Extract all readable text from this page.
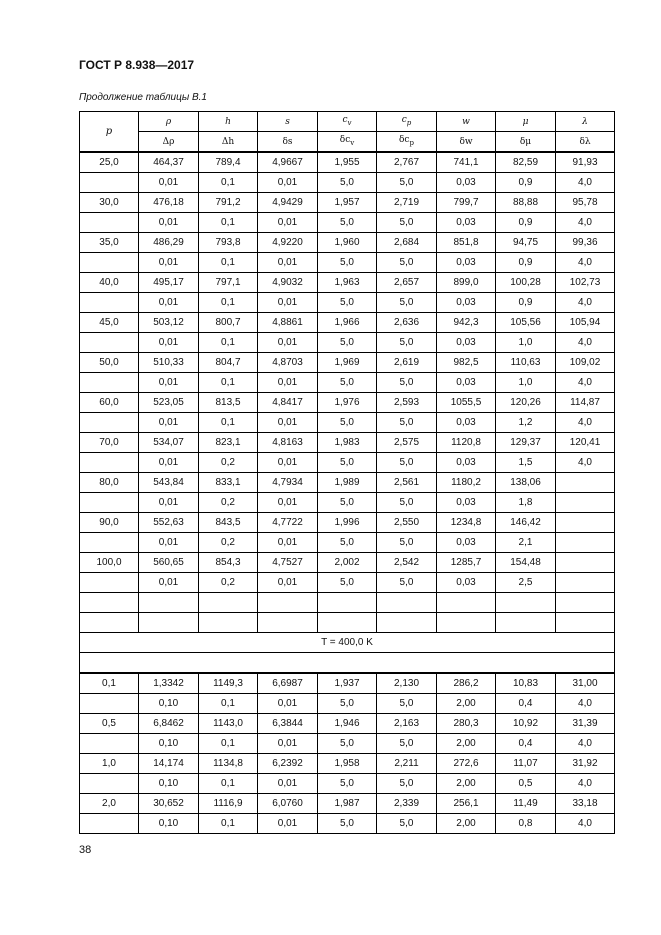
ГОСТ Р 8.938—2017
Продолжение таблицы В.1
p	ρ	h	s	$c_v$	$c_p$	w	μ	λ
	Δρ	Δh	δs	$\delta c_v$	$\delta c_p$	δw	δμ	δλ
25,0	464,37	789,4	4,9667	1,955	2,767	741,1	82,59	91,93
	0,01	0,1	0,01	5,0	5,0	0,03	0,9	4,0
30,0	476,18	791,2	4,9429	1,957	2,719	799,7	88,88	95,78
	0,01	0,1	0,01	5,0	5,0	0,03	0,9	4,0
35,0	486,29	793,8	4,9220	1,960	2,684	851,8	94,75	99,36
	0,01	0,1	0,01	5,0	5,0	0,03	0,9	4,0
40,0	495,17	797,1	4,9032	1,963	2,657	899,0	100,28	102,73
	0,01	0,1	0,01	5,0	5,0	0,03	0,9	4,0
45,0	503,12	800,7	4,8861	1,966	2,636	942,3	105,56	105,94
	0,01	0,1	0,01	5,0	5,0	0,03	1,0	4,0
50,0	510,33	804,7	4,8703	1,969	2,619	982,5	110,63	109,02
	0,01	0,1	0,01	5,0	5,0	0,03	1,0	4,0
60,0	523,05	813,5	4,8417	1,976	2,593	1055,5	120,26	114,87
	0,01	0,1	0,01	5,0	5,0	0,03	1,2	4,0
70,0	534,07	823,1	4,8163	1,983	2,575	1120,8	129,37	120,41
	0,01	0,2	0,01	5,0	5,0	0,03	1,5	4,0
80,0	543,84	833,1	4,7934	1,989	2,561	1180,2	138,06	
	0,01	0,2	0,01	5,0	5,0	0,03	1,8	
90,0	552,63	843,5	4,7722	1,996	2,550	1234,8	146,42	
	0,01	0,2	0,01	5,0	5,0	0,03	2,1	
100,0	560,65	854,3	4,7527	2,002	2,542	1285,7	154,48	
	0,01	0,2	0,01	5,0	5,0	0,03	2,5	

T = 400,0 K								

0,1	1,3342	1149,3	6,6987	1,937	2,130	286,2	10,83	31,00
	0,10	0,1	0,01	5,0	5,0	2,00	0,4	4,0
0,5	6,8462	1143,0	6,3844	1,946	2,163	280,3	10,92	31,39
	0,10	0,1	0,01	5,0	5,0	2,00	0,4	4,0
1,0	14,174	1134,8	6,2392	1,958	2,211	272,6	11,07	31,92
	0,10	0,1	0,01	5,0	5,0	2,00	0,5	4,0
2,0	30,652	1116,9	6,0760	1,987	2,339	256,1	11,49	33,18
	0,10	0,1	0,01	5,0	5,0	2,00	0,8	4,0
38
